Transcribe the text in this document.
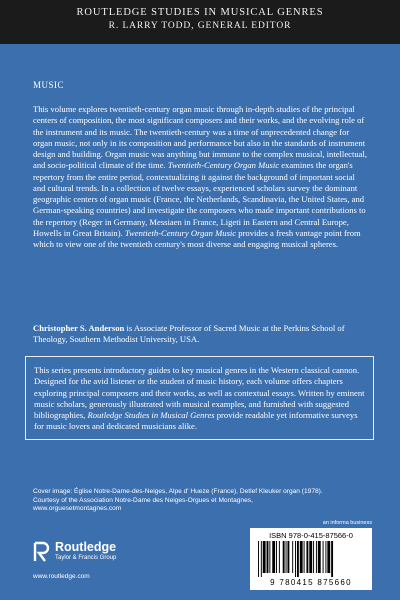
ROUTLEDGE STUDIES IN MUSICAL GENRES
R. LARRY TODD, GENERAL EDITOR
MUSIC

This volume explores twentieth-century organ music through in-depth studies of the principal centers of composition, the most significant composers and their works, and the evolving role of the instrument and its music. The twentieth-century was a time of unprecedented change for organ music, not only in its composition and performance but also in the standards of instrument design and building. Organ music was anything but immune to the complex musical, intellectual, and socio-political climate of the time. Twentieth-Century Organ Music examines the organ's repertory from the entire period, contextualizing it against the background of important social and cultural trends. In a collection of twelve essays, experienced scholars survey the dominant geographic centers of organ music (France, the Netherlands, Scandinavia, the United States, and German-speaking countries) and investigate the composers who made important contributions to the repertory (Reger in Germany, Messiaen in France, Ligeti in Eastern and Central Europe, Howells in Great Britain). Twentieth-Century Organ Music provides a fresh vantage point from which to view one of the twentieth century's most diverse and engaging musical spheres.

Christopher S. Anderson is Associate Professor of Sacred Music at the Perkins School of Theology, Southern Methodist University, USA.

This series presents introductory guides to key musical genres in the Western classical cannon. Designed for the avid listener or the student of music history, each volume offers chapters exploring principal composers and their works, as well as contextual essays. Written by eminent music scholars, generously illustrated with musical examples, and furnished with suggested bibliographies, Routledge Studies in Musical Genres provide readable yet informative surveys for music lovers and dedicated musicians alike.
Cover image: Église Notre-Dame-des-Neiges, Alpe d' Hueze (France), Detlef Kleuker organ (1978). Courtesy of the Association Notre-Dame des Neiges-Orgues et Montagnes, www.orguesetmontagnes.com
Routledge
Taylor & Francis Group
www.routledge.com
an informa business
ISBN 978-0-415-87566-0
9 780415 875660
